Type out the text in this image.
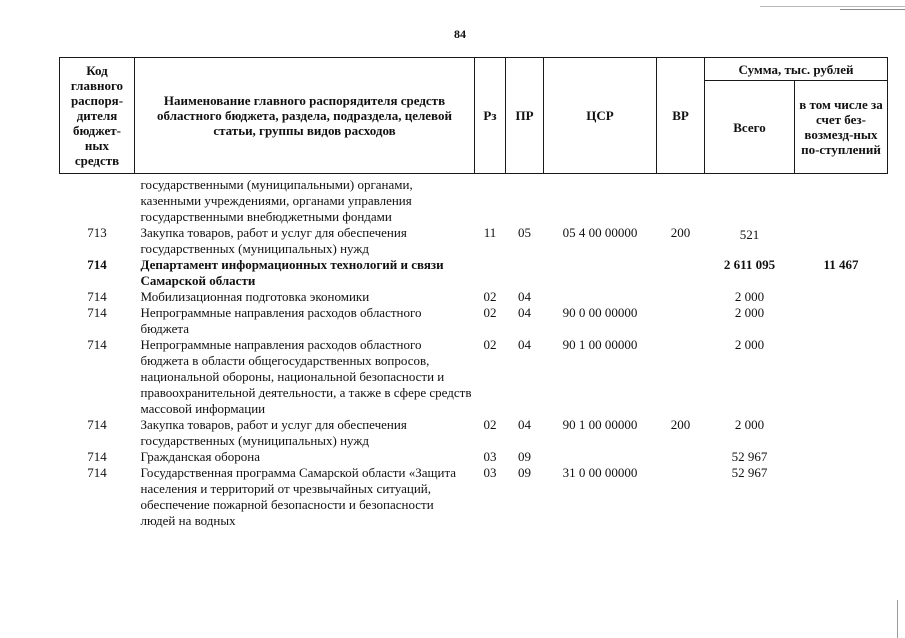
84
Код главного распоря-дителя бюджет-ных средств	Наименование главного распорядителя средств областного бюджета, раздела, подраздела, целевой статьи, группы видов расходов	Рз	ПР	ЦСР	ВР	Сумма, тыс. рублей	
						Всего	в том числе за счет без-возмезд-ных по-ступлений
	государственными (муниципальными) органами, казенными учреждениями, органами управления государственными внебюджетными фондами						
713	Закупка товаров, работ и услуг для обеспечения государственных (муниципальных) нужд	11	05	05 4 00 00000	200	521	
714	Департамент информационных технологий и связи Самарской области					2 611 095	11 467
714	Мобилизационная подготовка экономики	02	04			2 000	
714	Непрограммные направления расходов областного бюджета	02	04	90 0 00 00000		2 000	
714	Непрограммные направления расходов областного бюджета в области общегосударственных вопросов, национальной обороны, национальной безопасности и правоохранительной деятельности, а также в сфере средств массовой информации	02	04	90 1 00 00000		2 000	
714	Закупка товаров, работ и услуг для обеспечения государственных (муниципальных) нужд	02	04	90 1 00 00000	200	2 000	
714	Гражданская оборона	03	09			52 967	
714	Государственная программа Самарской области «Защита населения и территорий от чрезвычайных ситуаций, обеспечение пожарной безопасности и безопасности людей на водных	03	09	31 0 00 00000		52 967	
